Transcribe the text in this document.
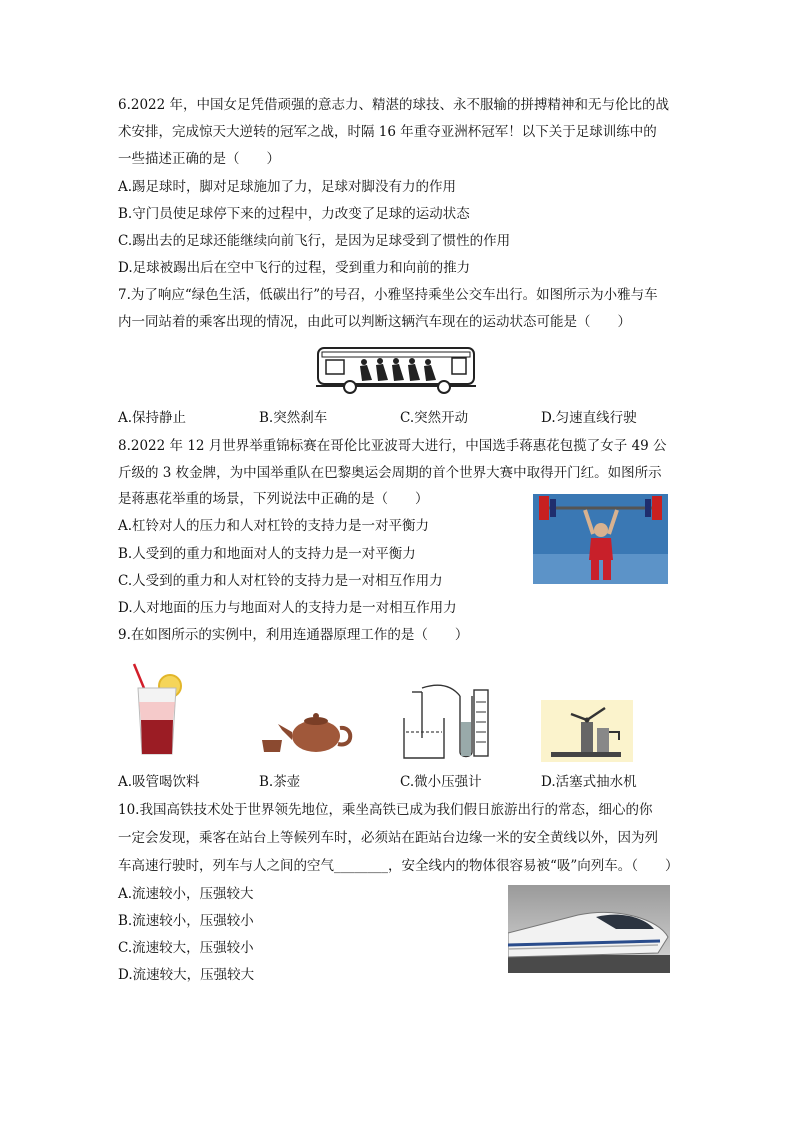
6.2022 年，中国女足凭借顽强的意志力、精湛的球技、永不服输的拼搏精神和无与伦比的战
术安排，完成惊天大逆转的冠军之战，时隔 16 年重夺亚洲杯冠军！以下关于足球训练中的
一些描述正确的是（　　）
A.踢足球时，脚对足球施加了力，足球对脚没有力的作用
B.守门员使足球停下来的过程中，力改变了足球的运动状态
C.踢出去的足球还能继续向前飞行，是因为足球受到了惯性的作用
D.足球被踢出后在空中飞行的过程，受到重力和向前的推力
7.为了响应“绿色生活，低碳出行”的号召，小雅坚持乘坐公交车出行。如图所示为小雅与车
内一同站着的乘客出现的情况，由此可以判断这辆汽车现在的运动状态可能是（　　）
A.保持静止	B.突然刹车	C.突然开动	D.匀速直线行驶
8.2022 年 12 月世界举重锦标赛在哥伦比亚波哥大进行，中国选手蒋惠花包揽了女子 49 公
斤级的 3 枚金牌，为中国举重队在巴黎奥运会周期的首个世界大赛中取得开门红。如图所示
是蒋惠花举重的场景，下列说法中正确的是（　　）
A.杠铃对人的压力和人对杠铃的支持力是一对平衡力
B.人受到的重力和地面对人的支持力是一对平衡力
C.人受到的重力和人对杠铃的支持力是一对相互作用力
D.人对地面的压力与地面对人的支持力是一对相互作用力
9.在如图所示的实例中，利用连通器原理工作的是（　　）
A.吸管喝饮料	B.茶壶	C.微小压强计	D.活塞式抽水机
10.我国高铁技术处于世界领先地位，乘坐高铁已成为我们假日旅游出行的常态，细心的你
一定会发现，乘客在站台上等候列车时，必须站在距站台边缘一米的安全黄线以外，因为列
车高速行驶时，列车与人之间的空气________，安全线内的物体很容易被“吸”向列车。（　　）
A.流速较小，压强较大
B.流速较小，压强较小
C.流速较大，压强较小
D.流速较大，压强较大
